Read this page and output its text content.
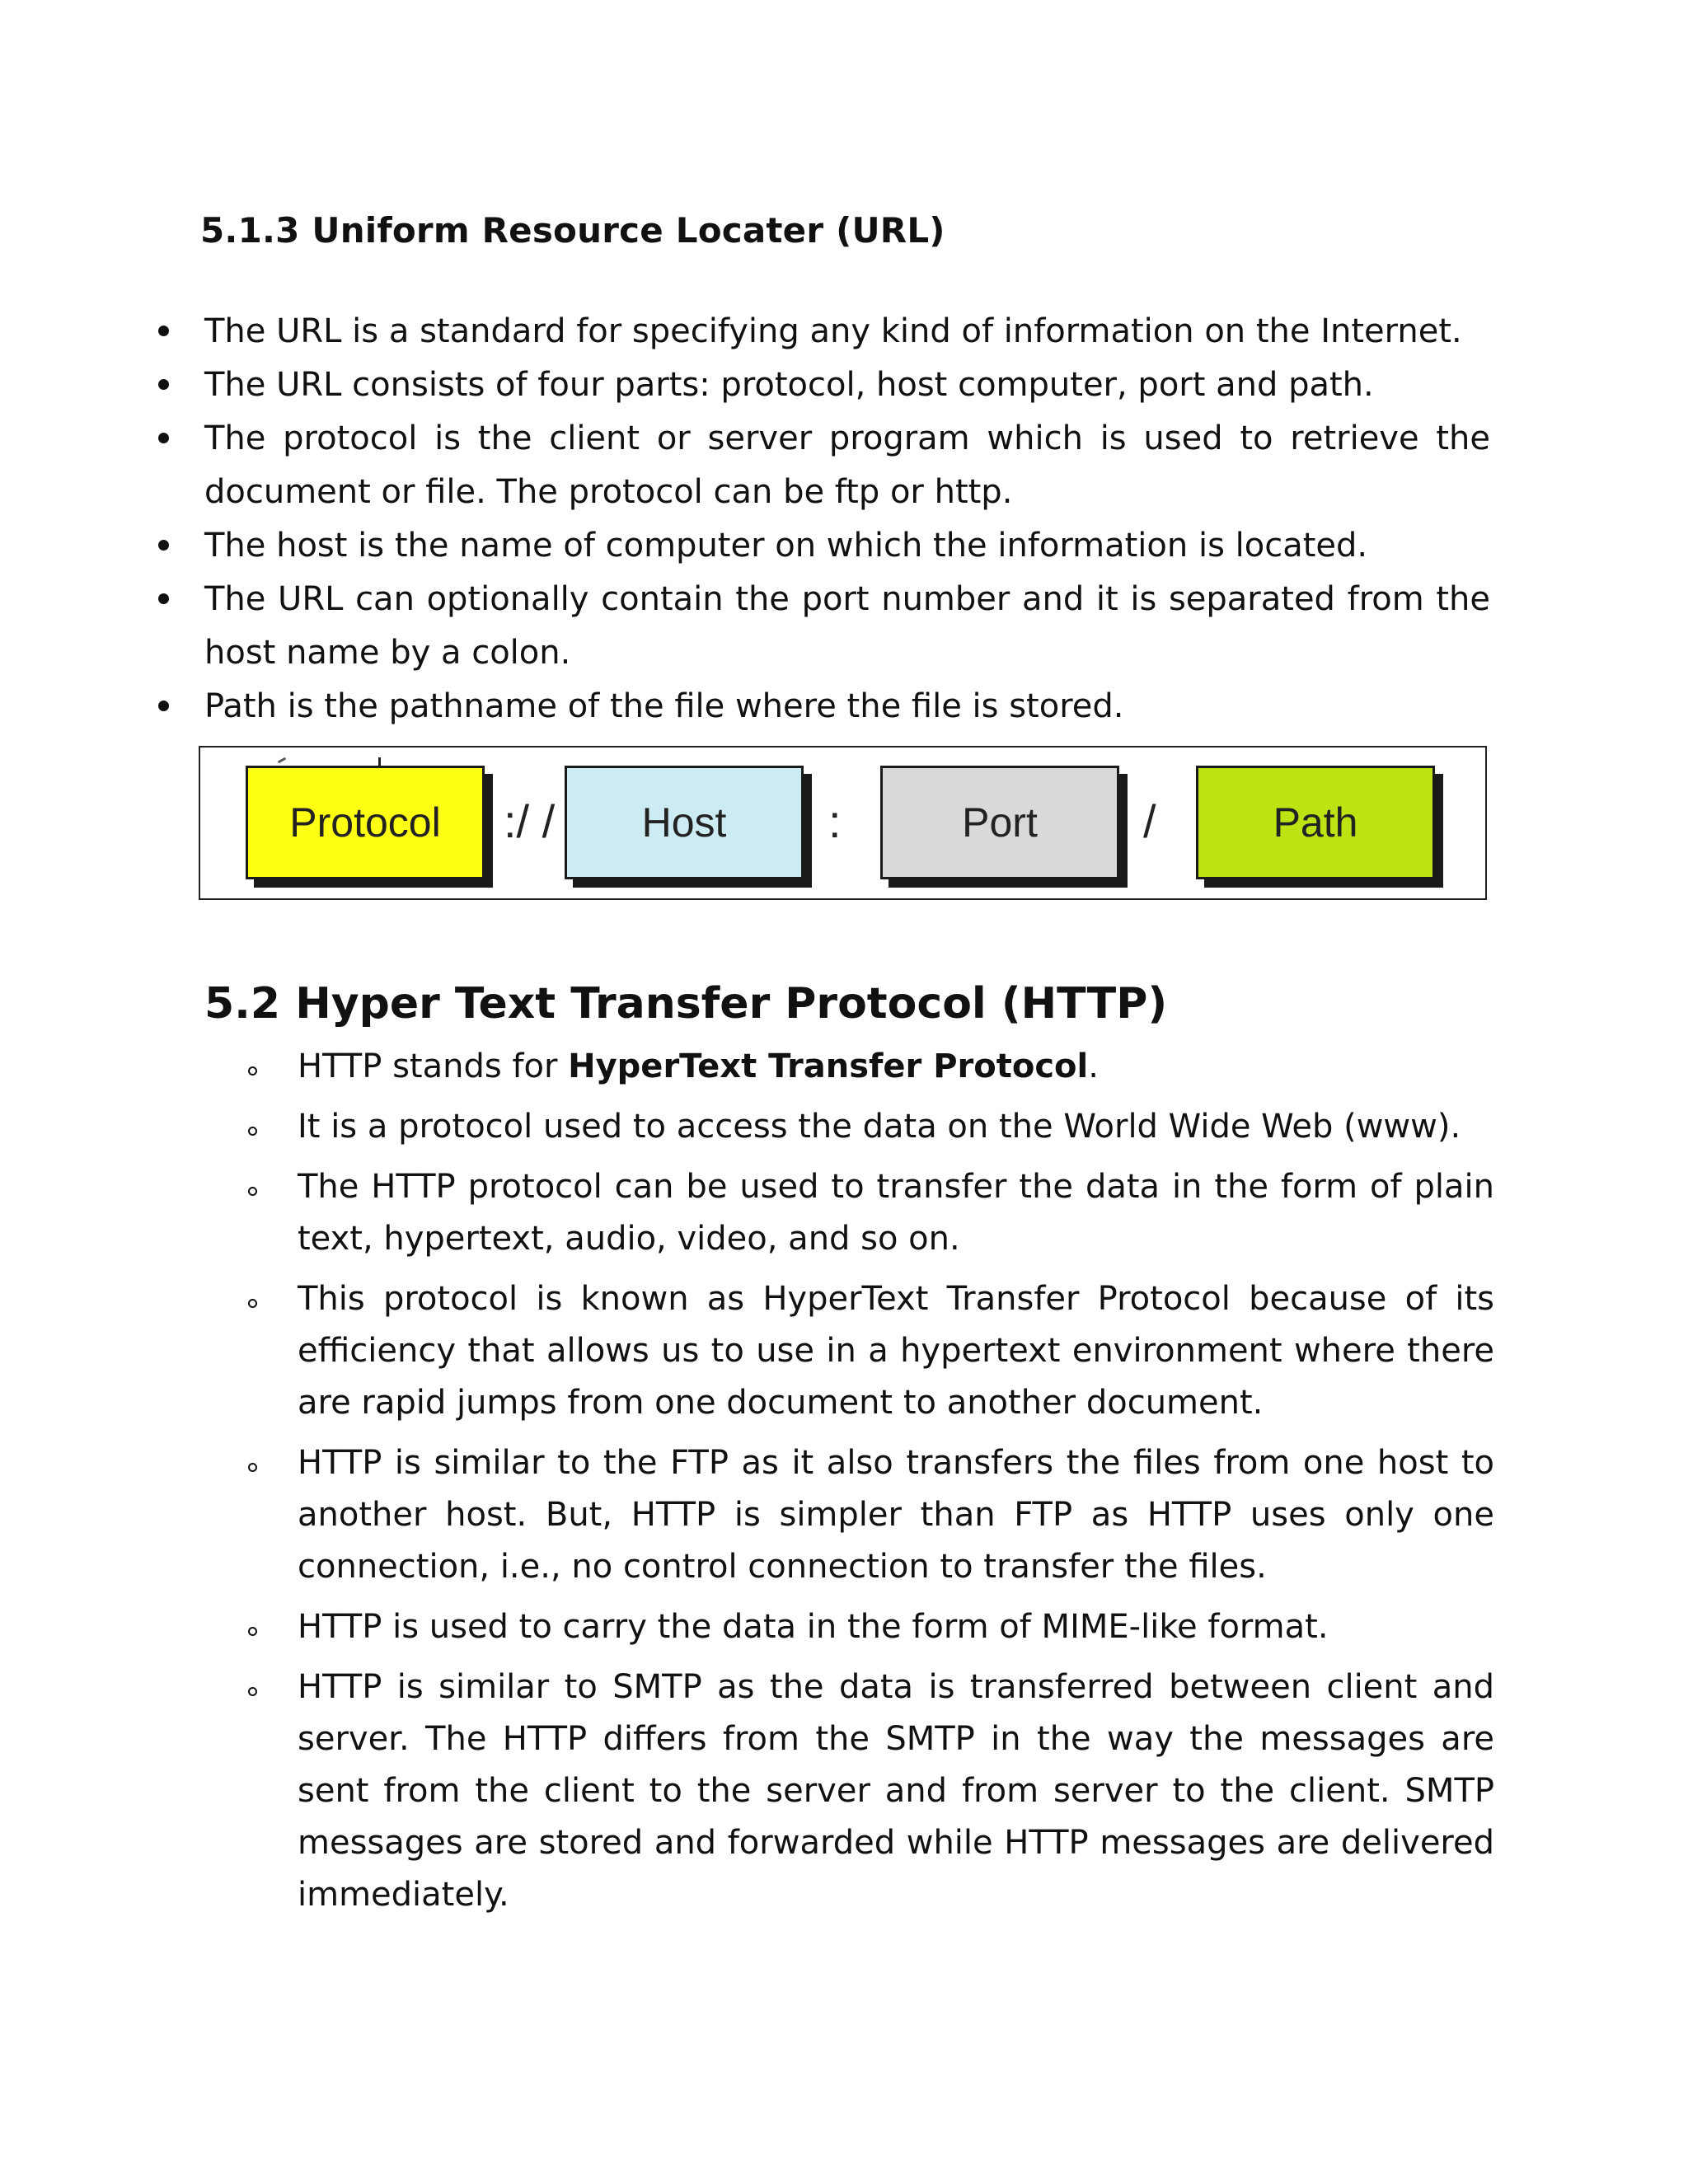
5.1.3 Uniform Resource Locater (URL)
The URL is a standard for specifying any kind of information on the Internet.
The URL consists of four parts: protocol, host computer, port and path.
The protocol is the client or server program which is used to retrieve the document or file. The protocol can be ftp or http.
The host is the name of computer on which the information is located.
The URL can optionally contain the port number and it is separated from the host name by a colon.
Path is the pathname of the file where the file is stored.
Protocol	:/ /	Host	:	Port	/	Path
5.2 Hyper Text Transfer Protocol (HTTP)
HTTP stands for HyperText Transfer Protocol.
It is a protocol used to access the data on the World Wide Web (www).
The HTTP protocol can be used to transfer the data in the form of plain text, hypertext, audio, video, and so on.
This protocol is known as HyperText Transfer Protocol because of its efficiency that allows us to use in a hypertext environment where there are rapid jumps from one document to another document.
HTTP is similar to the FTP as it also transfers the files from one host to another host. But, HTTP is simpler than FTP as HTTP uses only one connection, i.e., no control connection to transfer the files.
HTTP is used to carry the data in the form of MIME-like format.
HTTP is similar to SMTP as the data is transferred between client and server. The HTTP differs from the SMTP in the way the messages are sent from the client to the server and from server to the client. SMTP messages are stored and forwarded while HTTP messages are delivered immediately.
